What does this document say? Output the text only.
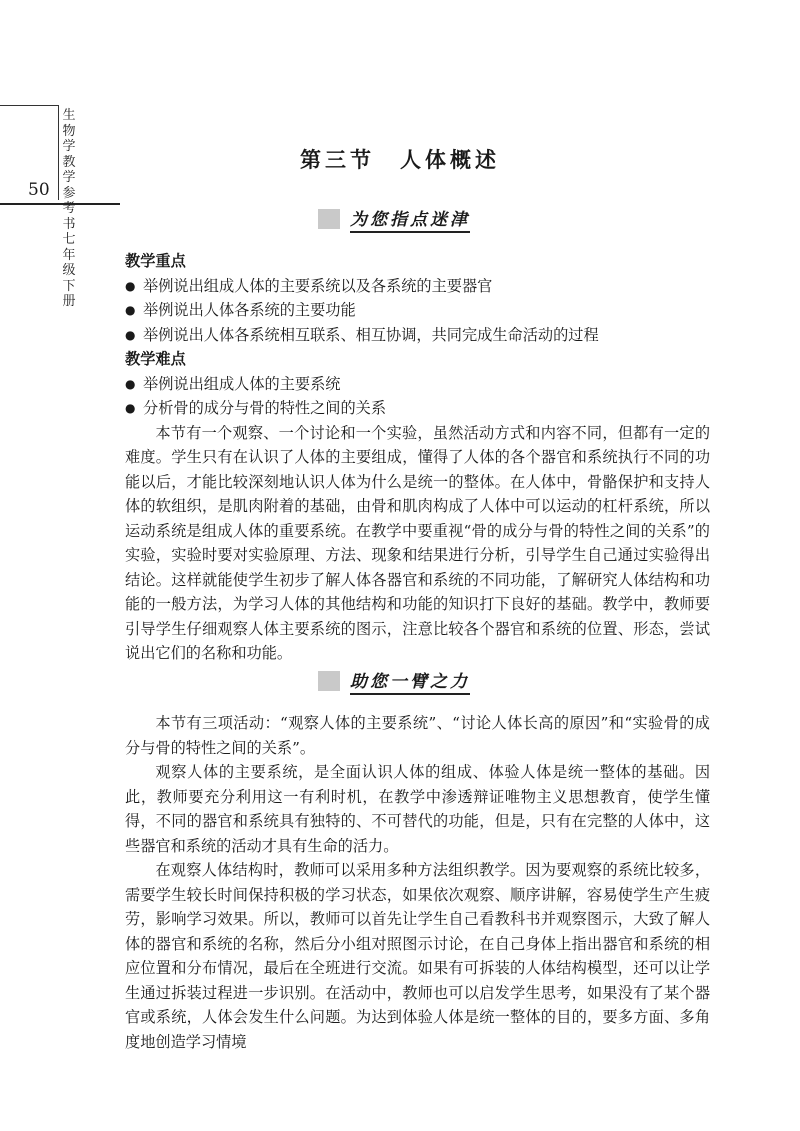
50
生
物
学
教
学
参
考
书
七
年
级
下
册
第三节　人体概述
为您指点迷津

教学重点

● 举例说出组成人体的主要系统以及各系统的主要器官
● 举例说出人体各系统的主要功能
● 举例说出人体各系统相互联系、相互协调，共同完成生命活动的过程

教学难点

● 举例说出组成人体的主要系统
● 分析骨的成分与骨的特性之间的关系

本节有一个观察、一个讨论和一个实验，虽然活动方式和内容不同，但都有一定的难度。学生只有在认识了人体的主要组成，懂得了人体的各个器官和系统执行不同的功能以后，才能比较深刻地认识人体为什么是统一的整体。在人体中，骨骼保护和支持人体的软组织，是肌肉附着的基础，由骨和肌肉构成了人体中可以运动的杠杆系统，所以运动系统是组成人体的重要系统。在教学中要重视“骨的成分与骨的特性之间的关系”的实验，实验时要对实验原理、方法、现象和结果进行分析，引导学生自己通过实验得出结论。这样就能使学生初步了解人体各器官和系统的不同功能，了解研究人体结构和功能的一般方法，为学习人体的其他结构和功能的知识打下良好的基础。教学中，教师要引导学生仔细观察人体主要系统的图示，注意比较各个器官和系统的位置、形态，尝试说出它们的名称和功能。

助您一臂之力

本节有三项活动：“观察人体的主要系统”、“讨论人体长高的原因”和“实验骨的成分与骨的特性之间的关系”。

观察人体的主要系统，是全面认识人体的组成、体验人体是统一整体的基础。因此，教师要充分利用这一有利时机，在教学中渗透辩证唯物主义思想教育，使学生懂得，不同的器官和系统具有独特的、不可替代的功能，但是，只有在完整的人体中，这些器官和系统的活动才具有生命的活力。

在观察人体结构时，教师可以采用多种方法组织教学。因为要观察的系统比较多，需要学生较长时间保持积极的学习状态，如果依次观察、顺序讲解，容易使学生产生疲劳，影响学习效果。所以，教师可以首先让学生自己看教科书并观察图示，大致了解人体的器官和系统的名称，然后分小组对照图示讨论，在自己身体上指出器官和系统的相应位置和分布情况，最后在全班进行交流。如果有可拆装的人体结构模型，还可以让学生通过拆装过程进一步识别。在活动中，教师也可以启发学生思考，如果没有了某个器官或系统，人体会发生什么问题。为达到体验人体是统一整体的目的，要多方面、多角度地创造学习情境
